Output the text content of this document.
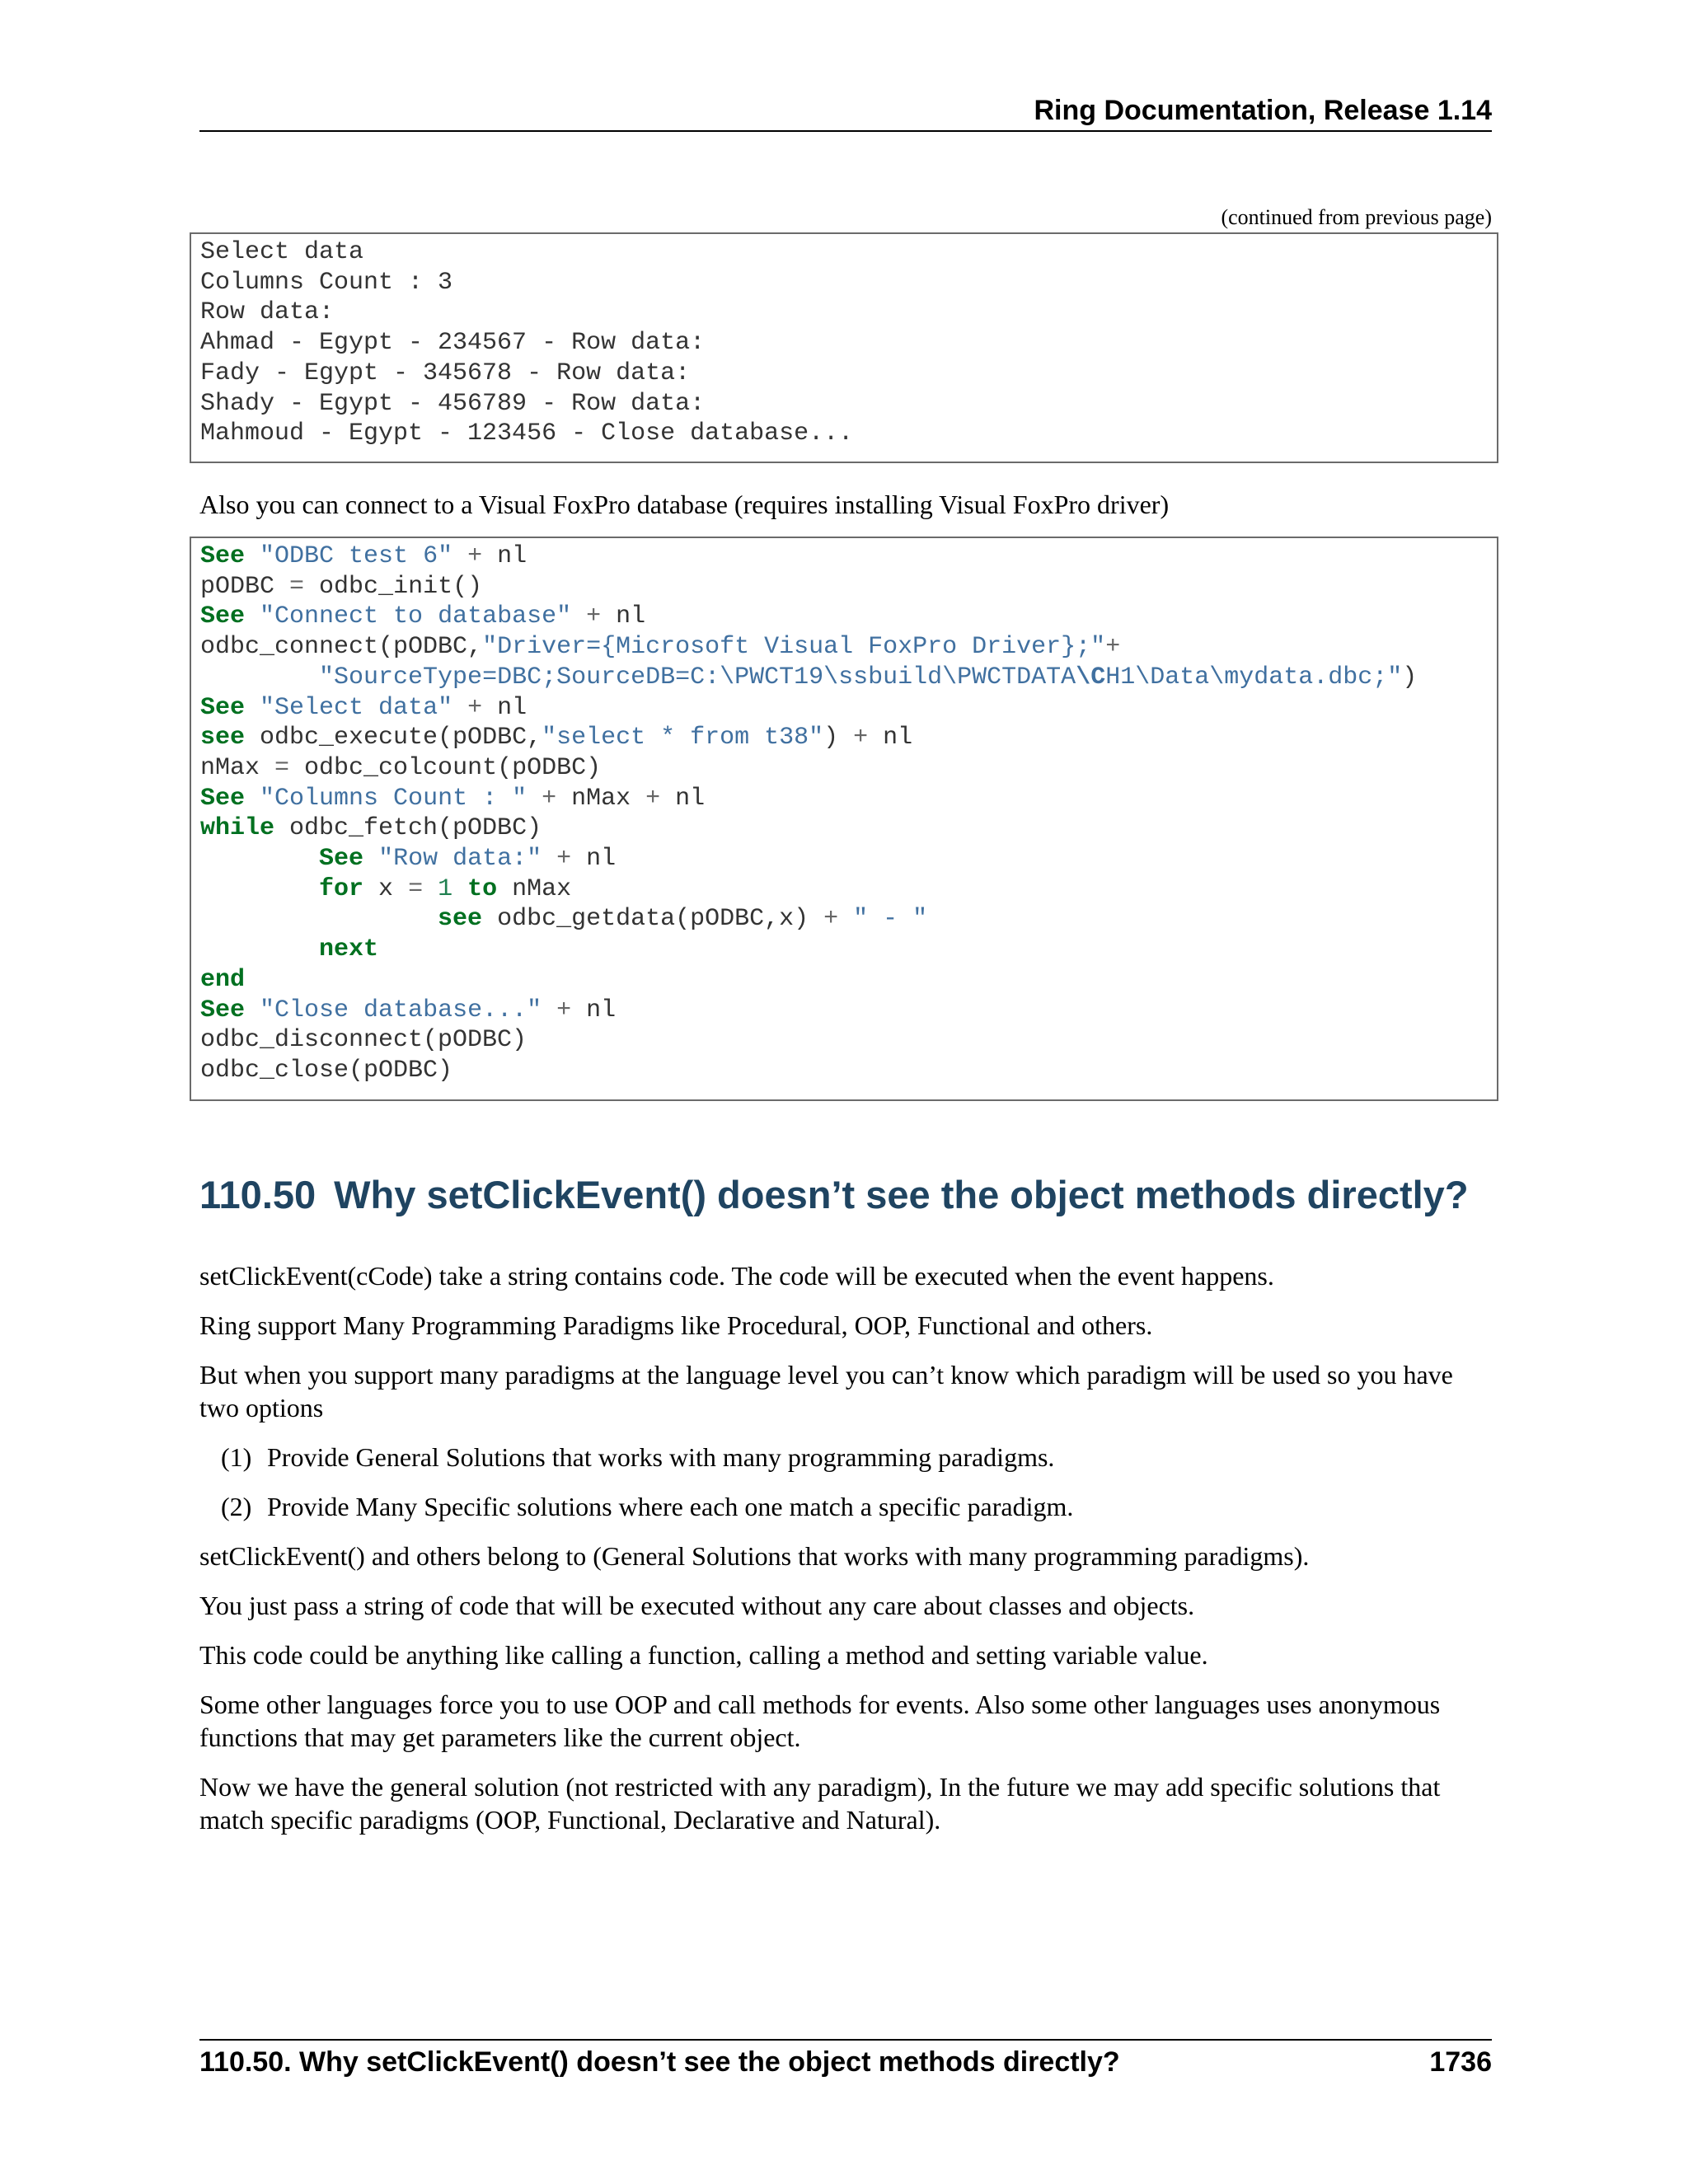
Ring Documentation, Release 1.14
(continued from previous page)
Select data
Columns Count : 3
Row data:
Ahmad - Egypt - 234567 - Row data:
Fady - Egypt - 345678 - Row data:
Shady - Egypt - 456789 - Row data:
Mahmoud - Egypt - 123456 - Close database...

Also you can connect to a Visual FoxPro database (requires installing Visual FoxPro driver)

See "ODBC test 6" + nl
pODBC = odbc_init()
See "Connect to database" + nl
odbc_connect(pODBC,"Driver={Microsoft Visual FoxPro Driver};"+
"SourceType=DBC;SourceDB=C:\PWCT19\ssbuild\PWCTDATA\CH1\Data\mydata.dbc;")
See "Select data" + nl
see odbc_execute(pODBC,"select * from t38") + nl
nMax = odbc_colcount(pODBC)
See "Columns Count : " + nMax + nl
while odbc_fetch(pODBC)
See "Row data:" + nl
for x = 1 to nMax
see odbc_getdata(pODBC,x) + " - "
next
end
See "Close database..." + nl
odbc_disconnect(pODBC)
odbc_close(pODBC)
110.50 Why setClickEvent() doesn’t see the object methods directly?

setClickEvent(cCode) take a string contains code. The code will be executed when the event happens.

Ring support Many Programming Paradigms like Procedural, OOP, Functional and others.

But when you support many paradigms at the language level you can’t know which paradigm will be used so you have two options

(1) Provide General Solutions that works with many programming paradigms.
(2) Provide Many Specific solutions where each one match a specific paradigm.

setClickEvent() and others belong to (General Solutions that works with many programming paradigms).

You just pass a string of code that will be executed without any care about classes and objects.

This code could be anything like calling a function, calling a method and setting variable value.

Some other languages force you to use OOP and call methods for events. Also some other languages uses anonymous functions that may get parameters like the current object.

Now we have the general solution (not restricted with any paradigm), In the future we may add specific solutions that match specific paradigms (OOP, Functional, Declarative and Natural).

110.50. Why setClickEvent() doesn’t see the object methods directly?	1736
